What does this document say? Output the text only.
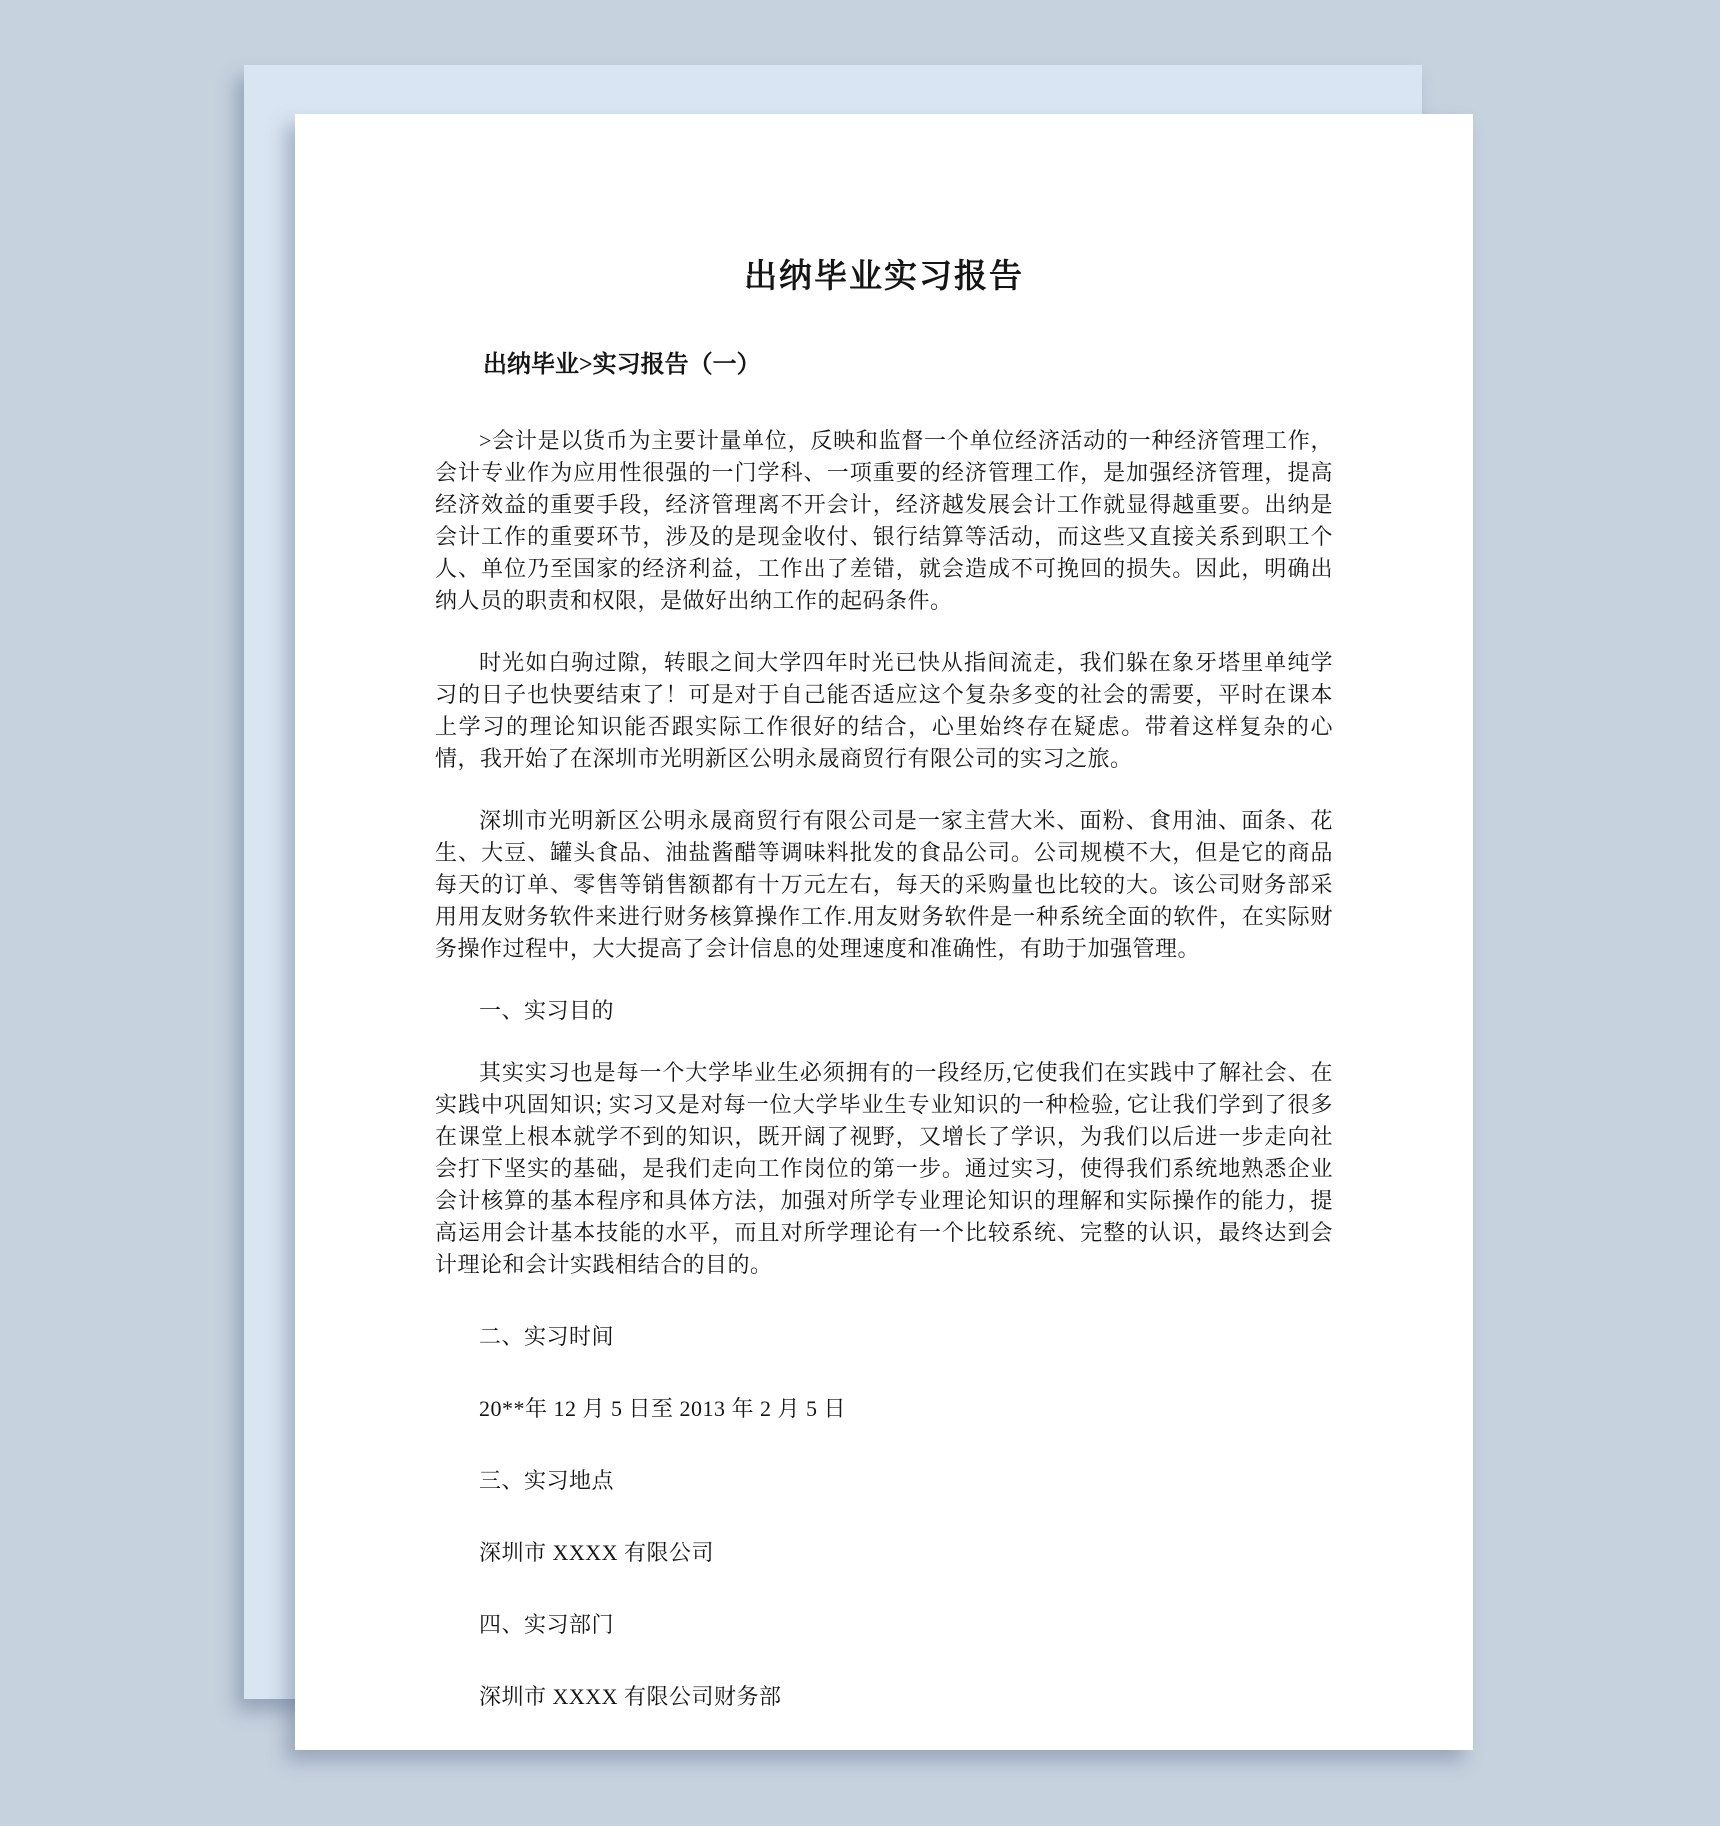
出纳毕业实习报告
出纳毕业>实习报告（一）

>会计是以货币为主要计量单位，反映和监督一个单位经济活动的一种经济管理工作，会计专业作为应用性很强的一门学科、一项重要的经济管理工作，是加强经济管理，提高经济效益的重要手段，经济管理离不开会计，经济越发展会计工作就显得越重要。出纳是会计工作的重要环节，涉及的是现金收付、银行结算等活动，而这些又直接关系到职工个人、单位乃至国家的经济利益，工作出了差错，就会造成不可挽回的损失。因此，明确出纳人员的职责和权限，是做好出纳工作的起码条件。

时光如白驹过隙，转眼之间大学四年时光已快从指间流走，我们躲在象牙塔里单纯学习的日子也快要结束了！可是对于自己能否适应这个复杂多变的社会的需要，平时在课本上学习的理论知识能否跟实际工作很好的结合，心里始终存在疑虑。带着这样复杂的心情，我开始了在深圳市光明新区公明永晟商贸行有限公司的实习之旅。

深圳市光明新区公明永晟商贸行有限公司是一家主营大米、面粉、食用油、面条、花生、大豆、罐头食品、油盐酱醋等调味料批发的食品公司。公司规模不大，但是它的商品每天的订单、零售等销售额都有十万元左右，每天的采购量也比较的大。该公司财务部采用用友财务软件来进行财务核算操作工作.用友财务软件是一种系统全面的软件，在实际财务操作过程中，大大提高了会计信息的处理速度和准确性，有助于加强管理。

一、实习目的

其实实习也是每一个大学毕业生必须拥有的一段经历,它使我们在实践中了解社会、在实践中巩固知识; 实习又是对每一位大学毕业生专业知识的一种检验, 它让我们学到了很多在课堂上根本就学不到的知识，既开阔了视野，又增长了学识，为我们以后进一步走向社会打下坚实的基础，是我们走向工作岗位的第一步。通过实习，使得我们系统地熟悉企业会计核算的基本程序和具体方法，加强对所学专业理论知识的理解和实际操作的能力，提高运用会计基本技能的水平，而且对所学理论有一个比较系统、完整的认识，最终达到会计理论和会计实践相结合的目的。

二、实习时间

20**年 12 月 5 日至 2013 年 2 月 5 日

三、实习地点

深圳市 XXXX 有限公司

四、实习部门

深圳市 XXXX 有限公司财务部
